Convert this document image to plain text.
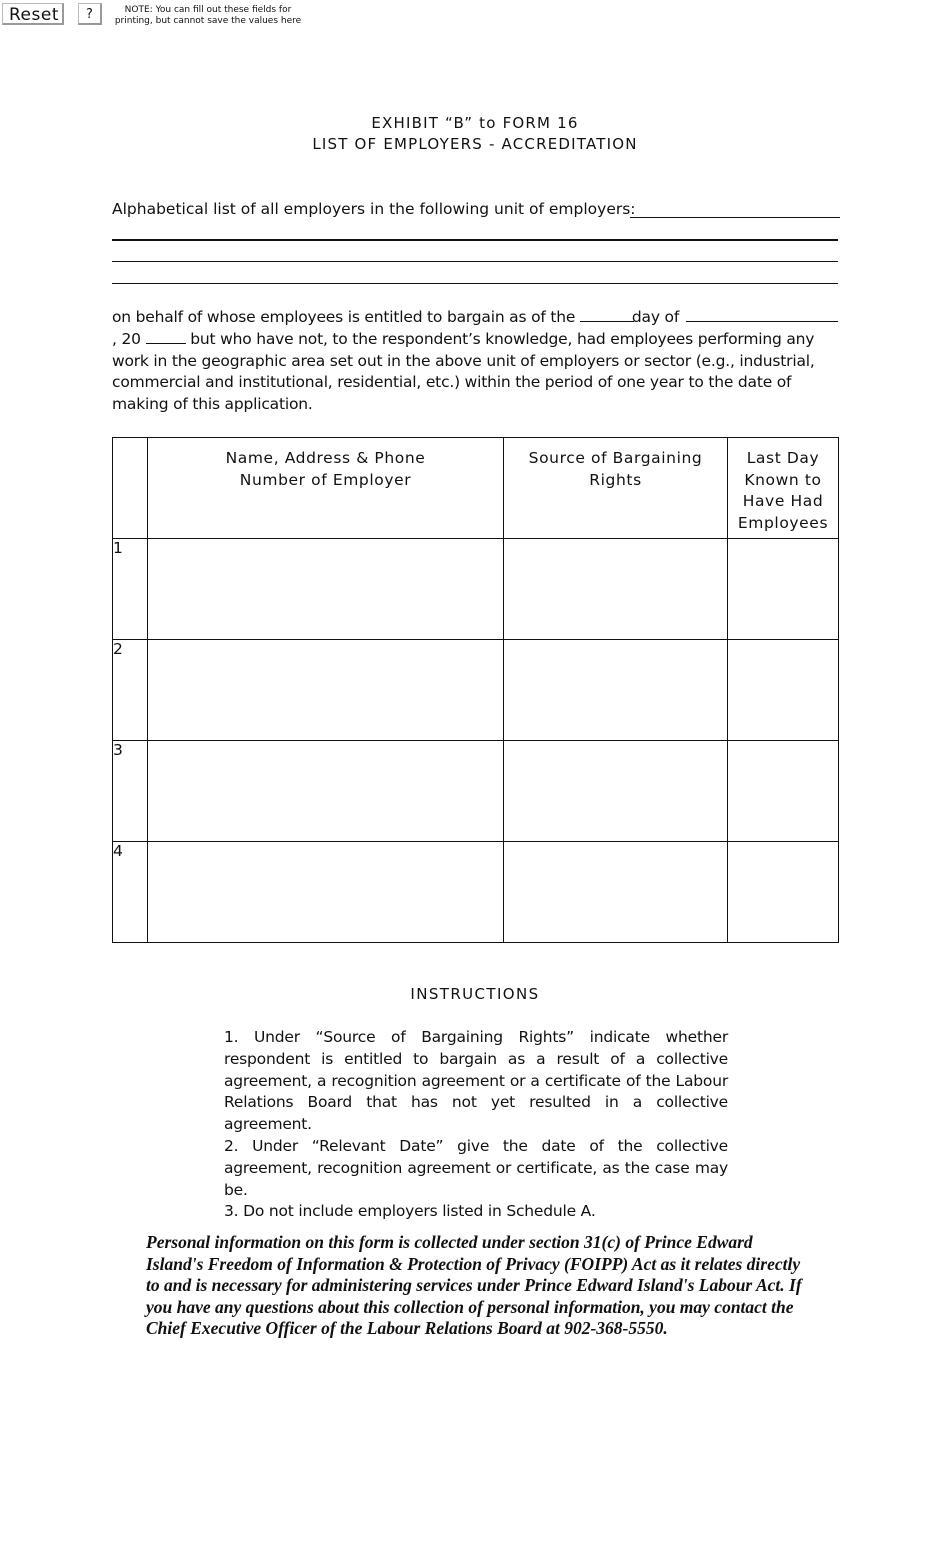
Reset	?	NOTE: You can fill out these fields for printing, but cannot save the values here
EXHIBIT “B” to FORM 16
LIST OF EMPLOYERS - ACCREDITATION
Alphabetical list of all employers in the following unit of employers:
on behalf of whose employees is entitled to bargain as of the	day of
, 20	but who have not, to the respondent’s knowledge, had employees performing any work in the geographic area set out in the above unit of employers or sector (e.g., industrial, commercial and institutional, residential, etc.) within the period of one year to the date of making of this application.

	Name, Address & Phone Number of Employer	Source of Bargaining Rights	Last Day Known to Have Had Employees

1			
2			
3			
4			
INSTRUCTIONS

1. Under “Source of Bargaining Rights” indicate whether respondent is entitled to bargain as a result of a collective agreement, a recognition agreement or a certificate of the Labour Relations Board that has not yet resulted in a collective agreement.

2. Under “Relevant Date” give the date of the collective agreement, recognition agreement or certificate, as the case may be.

3. Do not include employers listed in Schedule A.

Personal information on this form is collected under section 31(c) of Prince Edward Island's Freedom of Information & Protection of Privacy (FOIPP) Act as it relates directly to and is necessary for administering services under Prince Edward Island's Labour Act. If you have any questions about this collection of personal information, you may contact the Chief Executive Officer of the Labour Relations Board at 902-368-5550.
